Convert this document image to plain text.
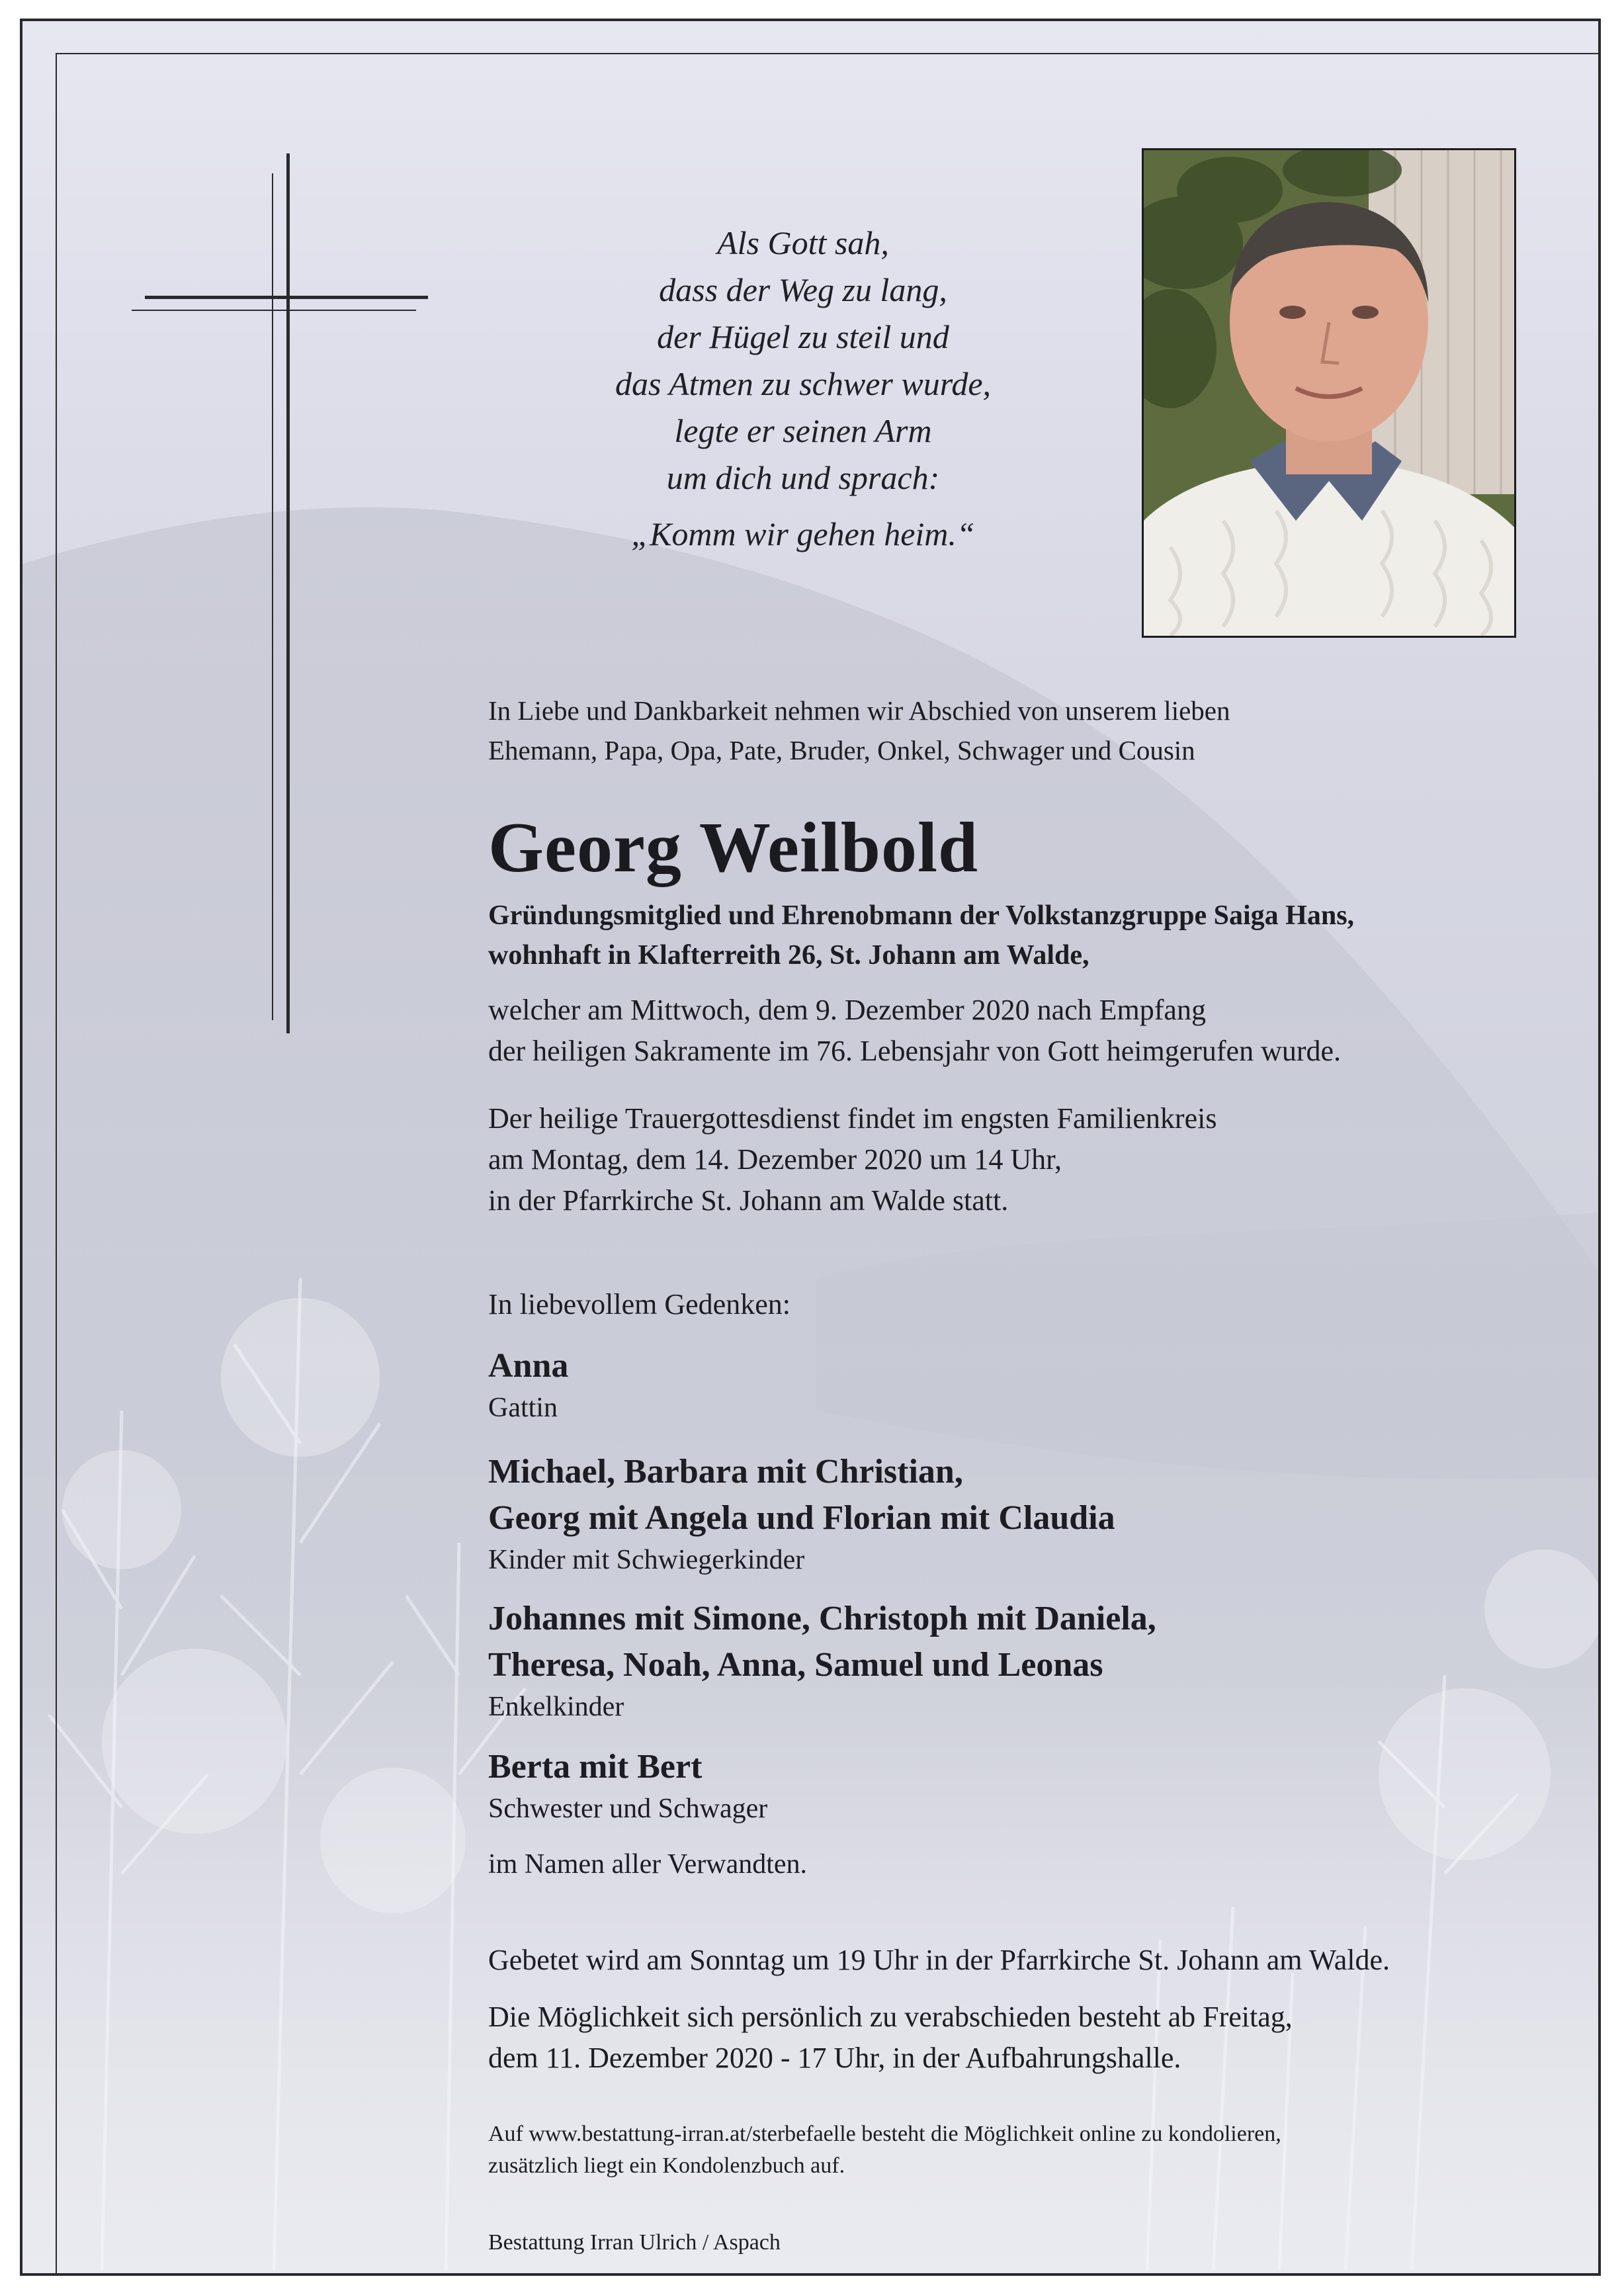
Als Gott sah,
dass der Weg zu lang,
der Hügel zu steil und
das Atmen zu schwer wurde,
legte er seinen Arm
um dich und sprach:
„Komm wir gehen heim.“
In Liebe und Dankbarkeit nehmen wir Abschied von unserem lieben
Ehemann, Papa, Opa, Pate, Bruder, Onkel, Schwager und Cousin
Georg Weilbold
Gründungsmitglied und Ehrenobmann der Volkstanzgruppe Saiga Hans,
wohnhaft in Klafterreith 26, St. Johann am Walde,
welcher am Mittwoch, dem 9. Dezember 2020 nach Empfang
der heiligen Sakramente im 76. Lebensjahr von Gott heimgerufen wurde.
Der heilige Trauergottesdienst findet im engsten Familienkreis
am Montag, dem 14. Dezember 2020 um 14 Uhr,
in der Pfarrkirche St. Johann am Walde statt.
In liebevollem Gedenken:
Anna
Gattin
Michael, Barbara mit Christian,
Georg mit Angela und Florian mit Claudia
Kinder mit Schwiegerkinder
Johannes mit Simone, Christoph mit Daniela,
Theresa, Noah, Anna, Samuel und Leonas
Enkelkinder
Berta mit Bert
Schwester und Schwager
im Namen aller Verwandten.
Gebetet wird am Sonntag um 19 Uhr in der Pfarrkirche St. Johann am Walde.
Die Möglichkeit sich persönlich zu verabschieden besteht ab Freitag,
dem 11. Dezember 2020 - 17 Uhr, in der Aufbahrungshalle.
Auf www.bestattung-irran.at/sterbefaelle besteht die Möglichkeit online zu kondolieren,
zusätzlich liegt ein Kondolenzbuch auf.
Bestattung Irran Ulrich / Aspach
